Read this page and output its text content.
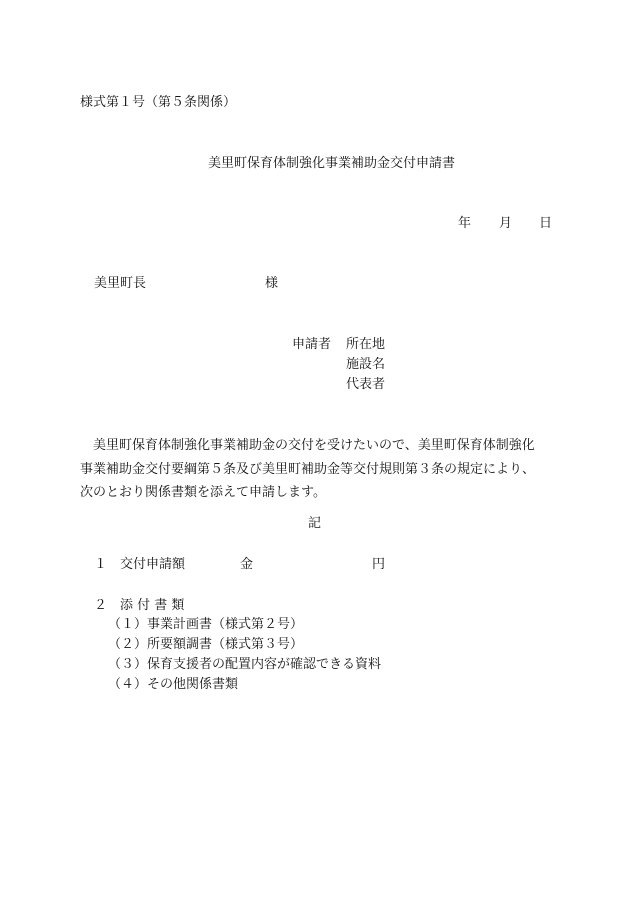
様式第１号（第５条関係）
美里町保育体制強化事業補助金交付申請書
年 月 日
美里町長	様
申請者 所在地
施設名
代表者
　美里町保育体制強化事業補助金の交付を受けたいので、美里町保育体制強化
事業補助金交付要綱第５条及び美里町補助金等交付規則第３条の規定により、
次のとおり関係書類を添えて申請します。
記
１ 交付申請額	金	円
２ 添 付 書 類
（１）事業計画書（様式第２号）
（２）所要額調書（様式第３号）
（３）保育支援者の配置内容が確認できる資料
（４）その他関係書類
